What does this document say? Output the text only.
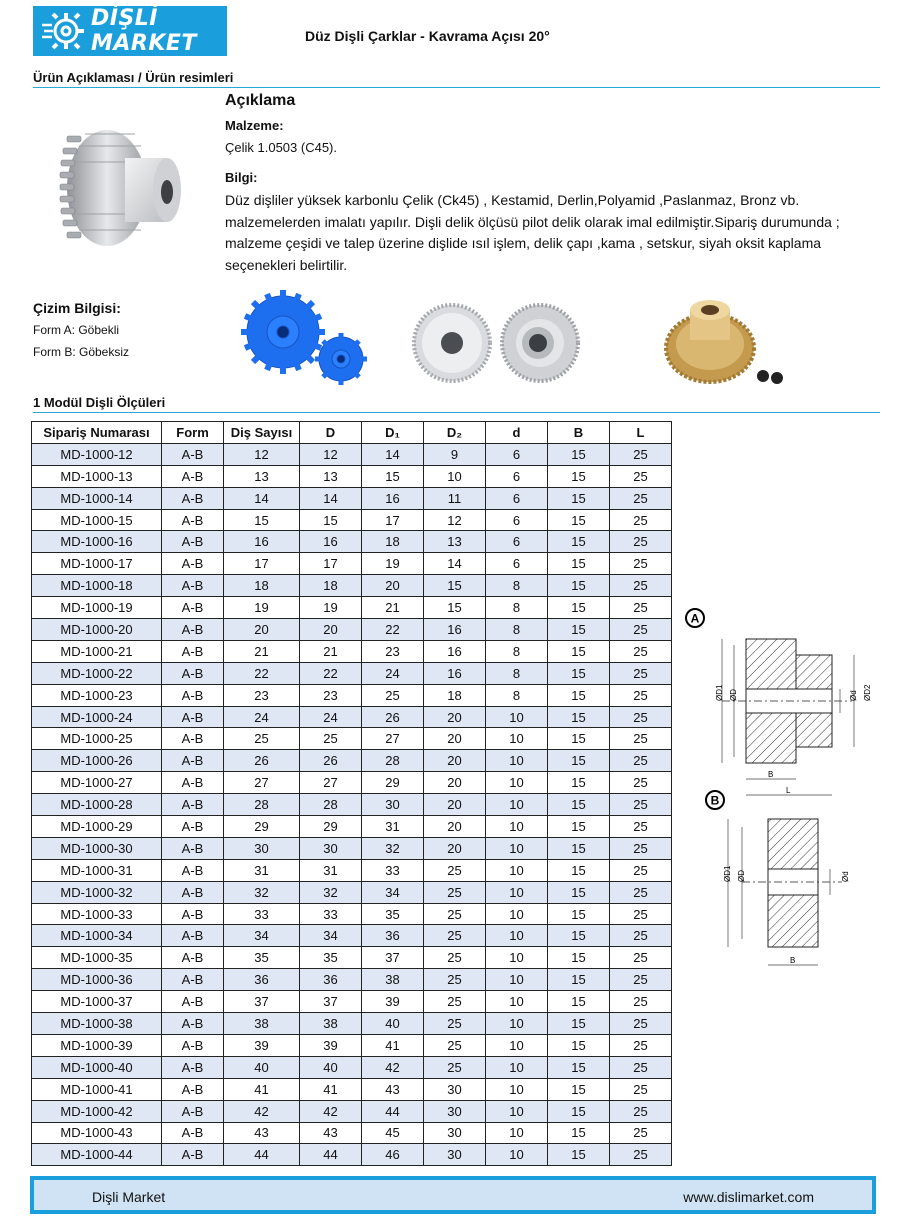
DİŞLİ MARKET	Düz Dişli Çarklar - Kavrama Açısı 20°
Ürün Açıklaması / Ürün resimleri
Açıklama
Malzeme:
Çelik 1.0503 (C45).
Bilgi:
Düz dişliler yüksek karbonlu Çelik (Ck45) , Kestamid, Derlin,Polyamid ,Paslanmaz, Bronz vb. malzemelerden imalatı yapılır. Dişli delik ölçüsü pilot delik olarak imal edilmiştir.Sipariş durumunda ; malzeme çeşidi ve talep üzerine dişlide ısıl işlem, delik çapı ,kama , setskur, siyah oksit kaplama seçenekleri belirtilir.
Çizim Bilgisi:
Form A: Göbekli
Form B: Göbeksiz
1 Modül Dişli Ölçüleri
Sipariş Numarası	Form	Diş Sayısı	D	D₁	D₂	d	B	L
MD-1000-12	A-B	12	12	14	9	6	15	25
MD-1000-13	A-B	13	13	15	10	6	15	25
MD-1000-14	A-B	14	14	16	11	6	15	25
MD-1000-15	A-B	15	15	17	12	6	15	25
MD-1000-16	A-B	16	16	18	13	6	15	25
MD-1000-17	A-B	17	17	19	14	6	15	25
MD-1000-18	A-B	18	18	20	15	8	15	25
MD-1000-19	A-B	19	19	21	15	8	15	25
MD-1000-20	A-B	20	20	22	16	8	15	25
MD-1000-21	A-B	21	21	23	16	8	15	25
MD-1000-22	A-B	22	22	24	16	8	15	25
MD-1000-23	A-B	23	23	25	18	8	15	25
MD-1000-24	A-B	24	24	26	20	10	15	25
MD-1000-25	A-B	25	25	27	20	10	15	25
MD-1000-26	A-B	26	26	28	20	10	15	25
MD-1000-27	A-B	27	27	29	20	10	15	25
MD-1000-28	A-B	28	28	30	20	10	15	25
MD-1000-29	A-B	29	29	31	20	10	15	25
MD-1000-30	A-B	30	30	32	20	10	15	25
MD-1000-31	A-B	31	31	33	25	10	15	25
MD-1000-32	A-B	32	32	34	25	10	15	25
MD-1000-33	A-B	33	33	35	25	10	15	25
MD-1000-34	A-B	34	34	36	25	10	15	25
MD-1000-35	A-B	35	35	37	25	10	15	25
MD-1000-36	A-B	36	36	38	25	10	15	25
MD-1000-37	A-B	37	37	39	25	10	15	25
MD-1000-38	A-B	38	38	40	25	10	15	25
MD-1000-39	A-B	39	39	41	25	10	15	25
MD-1000-40	A-B	40	40	42	25	10	15	25
MD-1000-41	A-B	41	41	43	30	10	15	25
MD-1000-42	A-B	42	42	44	30	10	15	25
MD-1000-43	A-B	43	43	45	30	10	15	25
MD-1000-44	A-B	44	44	46	30	10	15	25
A
ØD1 ØD	Ød ØD2
B
L
B
ØD1 ØD	Ød
B
Dişli Market	www.dislimarket.com
